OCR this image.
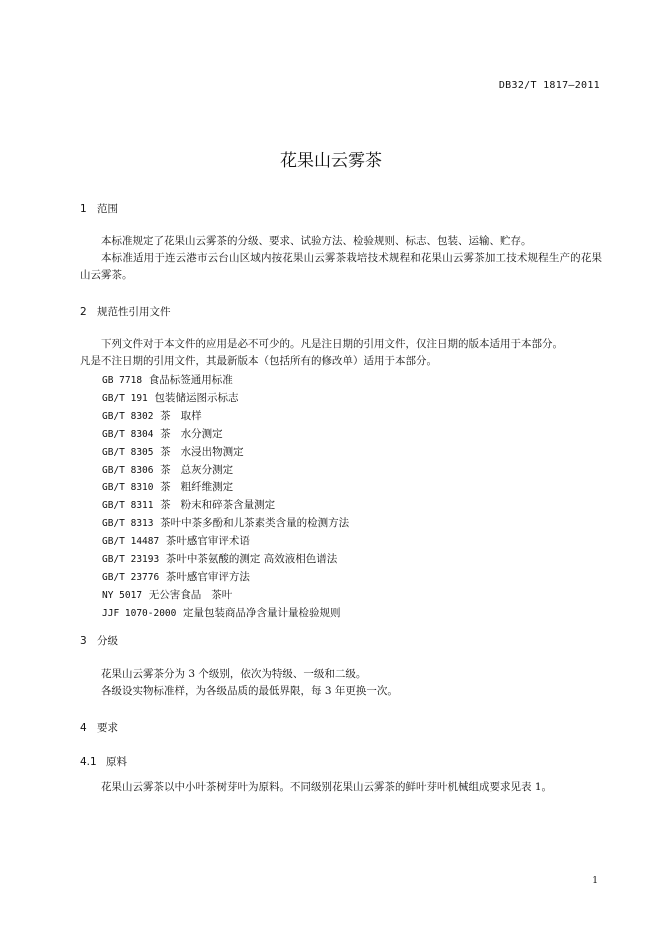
DB32/T 1817—2011
花果山云雾茶
1 范围
本标准规定了花果山云雾茶的分级、要求、试验方法、检验规则、标志、包装、运输、贮存。
本标准适用于连云港市云台山区域内按花果山云雾茶栽培技术规程和花果山云雾茶加工技术规程生产的花果山云雾茶。
2 规范性引用文件
下列文件对于本文件的应用是必不可少的。凡是注日期的引用文件，仅注日期的版本适用于本部分。
凡是不注日期的引用文件，其最新版本（包括所有的修改单）适用于本部分。
GB 7718  食品标签通用标准
GB/T 191  包装储运图示标志
GB/T 8302  茶   取样
GB/T 8304  茶   水分测定
GB/T 8305  茶   水浸出物测定
GB/T 8306  茶   总灰分测定
GB/T 8310  茶   粗纤维测定
GB/T 8311  茶   粉末和碎茶含量测定
GB/T 8313  茶叶中茶多酚和儿茶素类含量的检测方法
GB/T 14487  茶叶感官审评术语
GB/T 23193  茶叶中茶氨酸的测定 高效液相色谱法
GB/T 23776  茶叶感官审评方法
NY 5017  无公害食品   茶叶
JJF 1070-2000  定量包装商品净含量计量检验规则
3 分级
花果山云雾茶分为 3 个级别，依次为特级、一级和二级。
各级设实物标准样，为各级品质的最低界限，每 3 年更换一次。
4 要求
4.1 原料
花果山云雾茶以中小叶茶树芽叶为原料。不同级别花果山云雾茶的鲜叶芽叶机械组成要求见表 1。
1
